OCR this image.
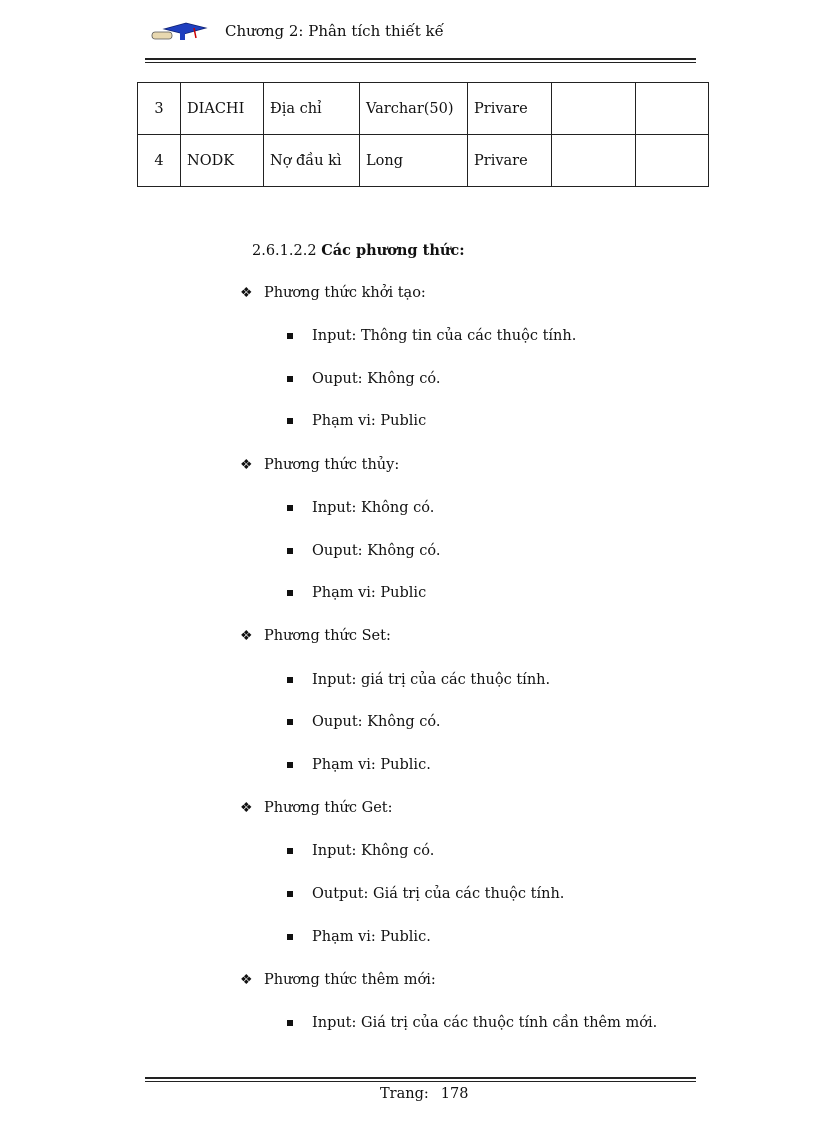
Chương 2: Phân tích thiết kế
3	DIACHI	Địa chỉ	Varchar(50)	Privare		
4	NODK	Nợ đầu kì	Long	Privare		
2.6.1.2.2 Các phương thức:
❖ Phương thức khởi tạo:
Input: Thông tin của các thuộc tính.
Ouput: Không có.
Phạm vi: Public
❖ Phương thức thủy:
Input: Không có.
Ouput: Không có.
Phạm vi: Public
❖ Phương thức Set:
Input: giá trị của các thuộc tính.
Ouput: Không có.
Phạm vi: Public.
❖ Phương thức Get:
Input: Không có.
Output: Giá trị của các thuộc tính.
Phạm vi: Public.
❖ Phương thức thêm mới:
Input: Giá trị của các thuộc tính cần thêm mới.
Trang: 178
